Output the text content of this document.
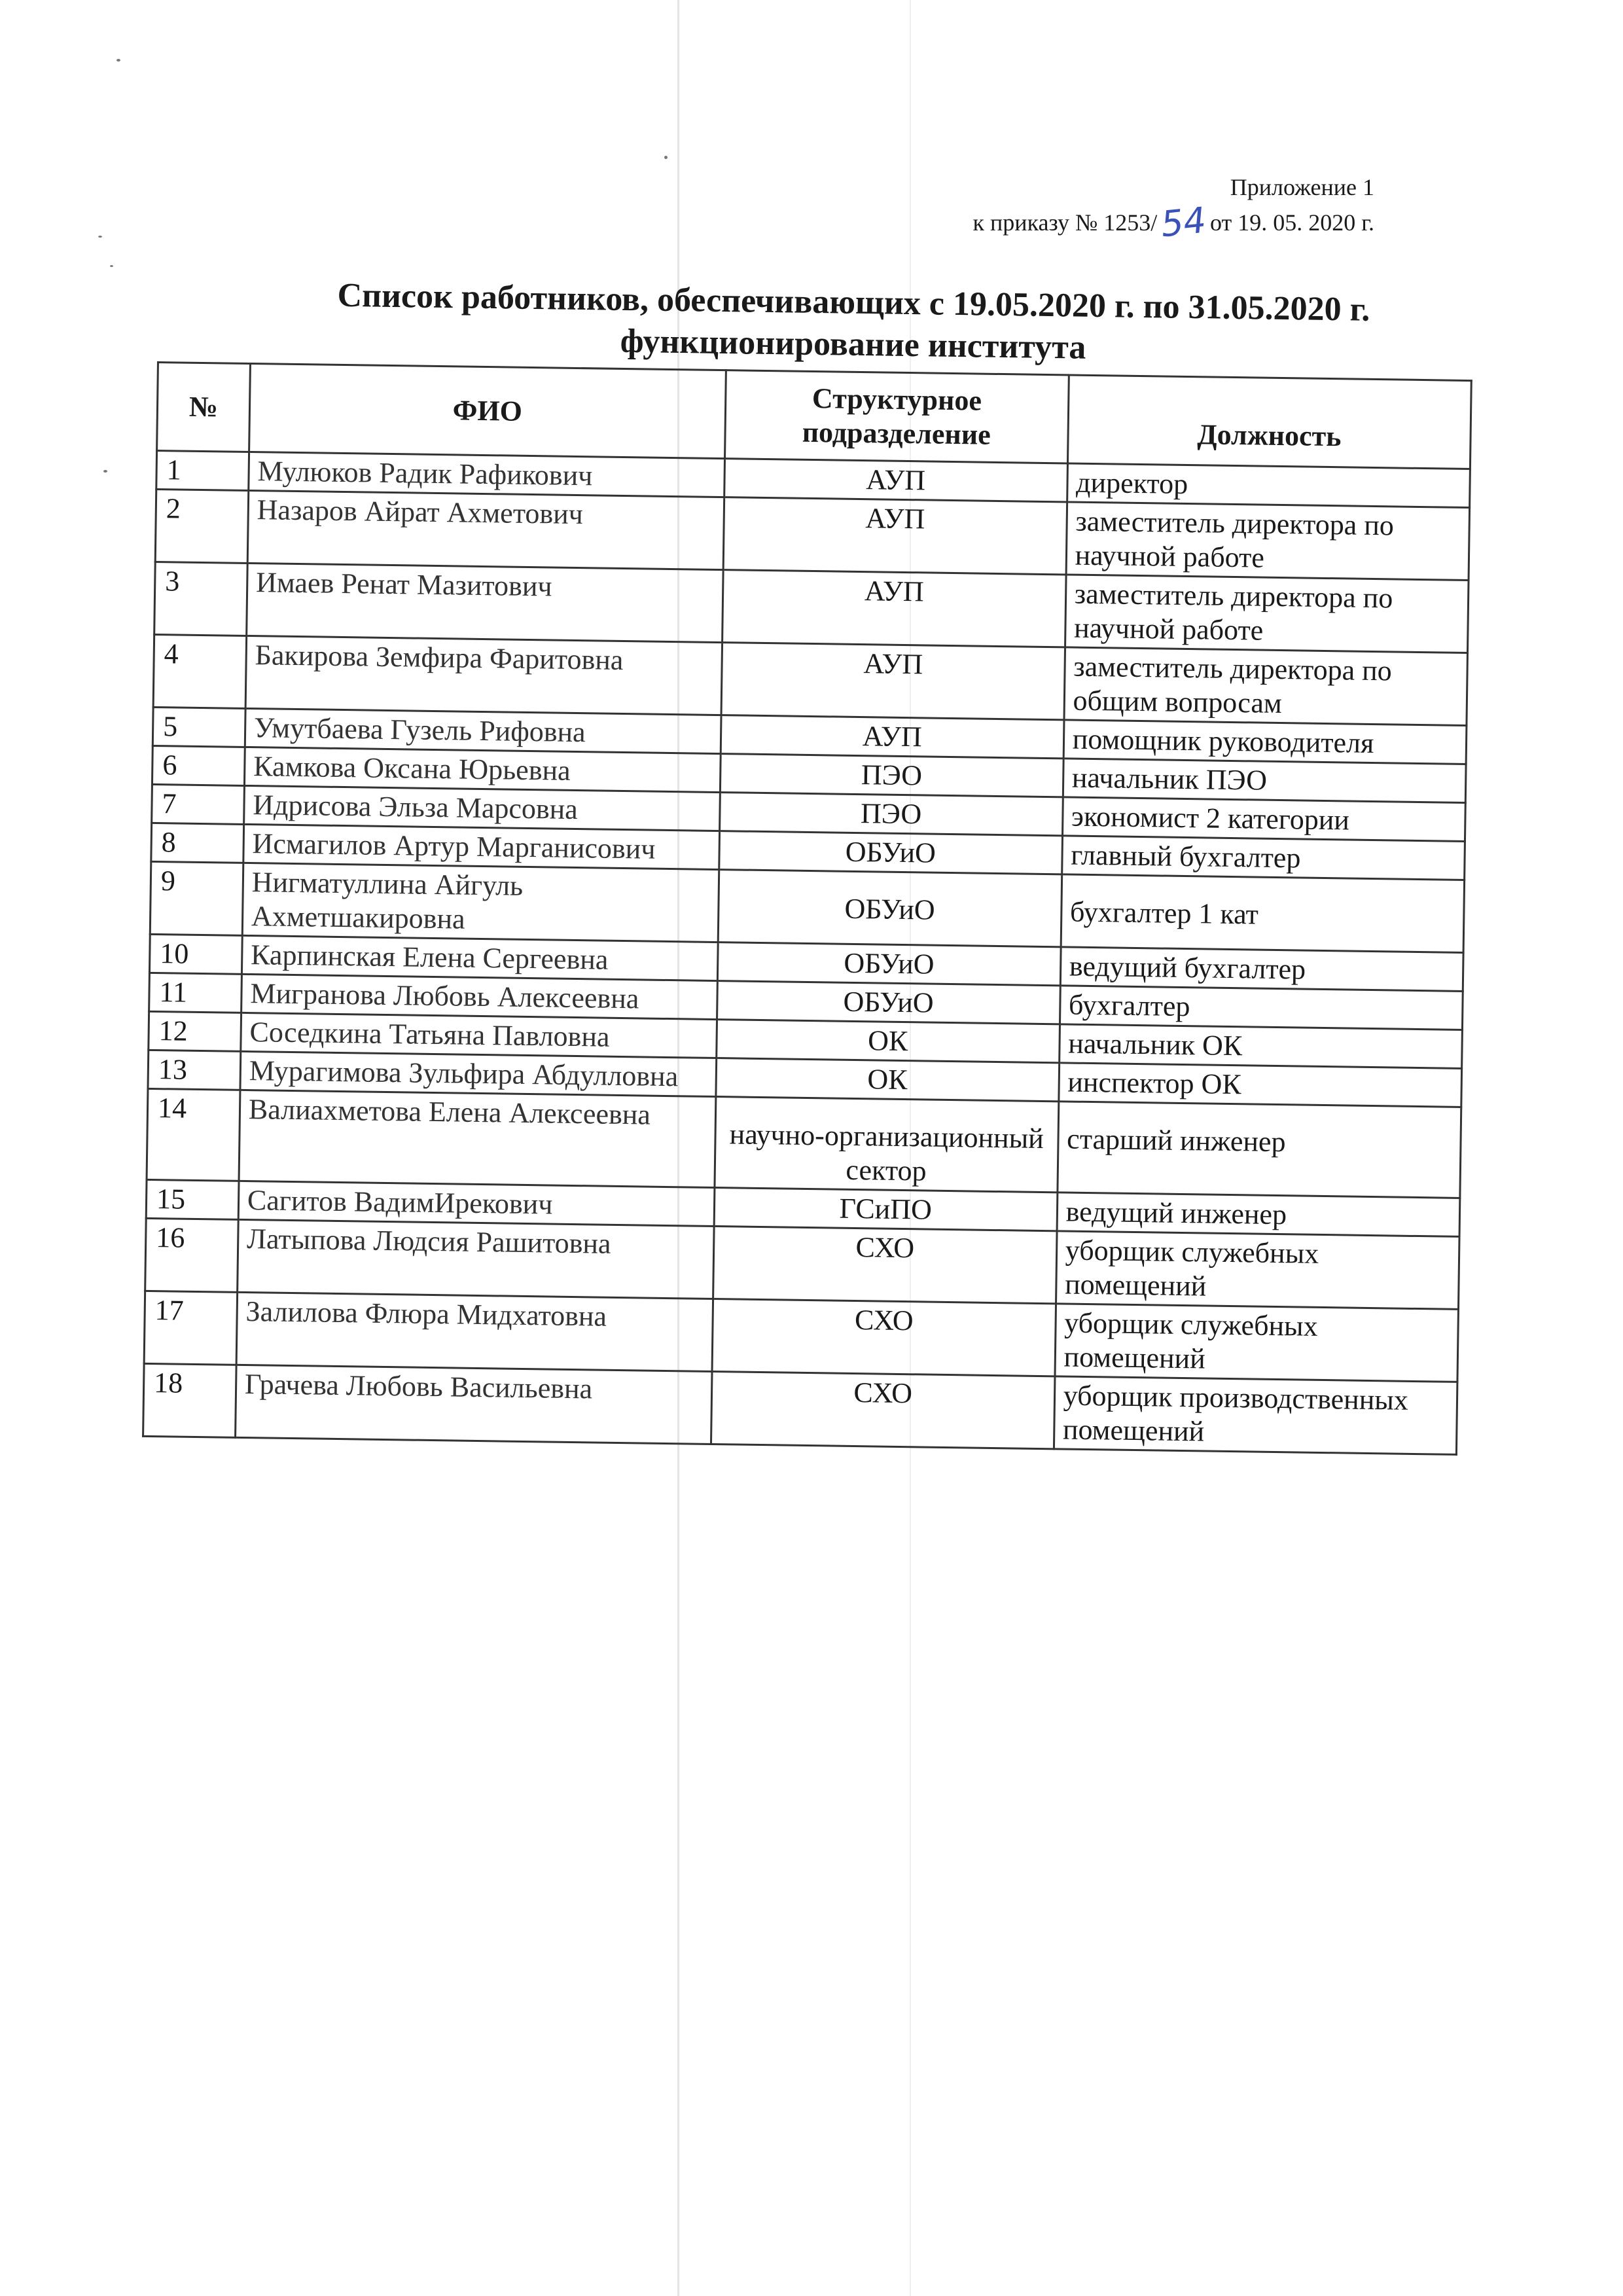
Приложение 1
к приказу № 1253/54от 19. 05. 2020 г.
Список работников, обеспечивающих с 19.05.2020 г. по 31.05.2020 г.
функционирование института
№	ФИО	Структурное подразделение	Должность
1	Мулюков Радик Рафикович	АУП	директор
2	Назаров Айрат Ахметович	АУП	заместитель директора по научной работе
3	Имаев Ренат Мазитович	АУП	заместитель директора по научной работе
4	Бакирова Земфира Фаритовна	АУП	заместитель директора по общим вопросам
5	Умутбаева Гузель Рифовна	АУП	помощник руководителя
6	Камкова Оксана Юрьевна	ПЭО	начальник ПЭО
7	Идрисова Эльза Марсовна	ПЭО	экономист 2 категории
8	Исмагилов Артур Марганисович	ОБУиО	главный бухгалтер
9	Нигматуллина Айгуль Ахметшакировна	ОБУиО	бухгалтер 1 кат
10	Карпинская Елена Сергеевна	ОБУиО	ведущий бухгалтер
11	Мигранова Любовь Алексеевна	ОБУиО	бухгалтер
12	Соседкина Татьяна Павловна	ОК	начальник ОК
13	Мурагимова Зульфира Абдулловна	ОК	инспектор ОК
14	Валиахметова Елена Алексеевна	научно-организационный сектор	старший инженер
15	Сагитов ВадимИрекович	ГСиПО	ведущий инженер
16	Латыпова Людсия Рашитовна	СХО	уборщик служебных помещений
17	Залилова Флюра Мидхатовна	СХО	уборщик служебных помещений
18	Грачева Любовь Васильевна	СХО	уборщик производственных помещений
